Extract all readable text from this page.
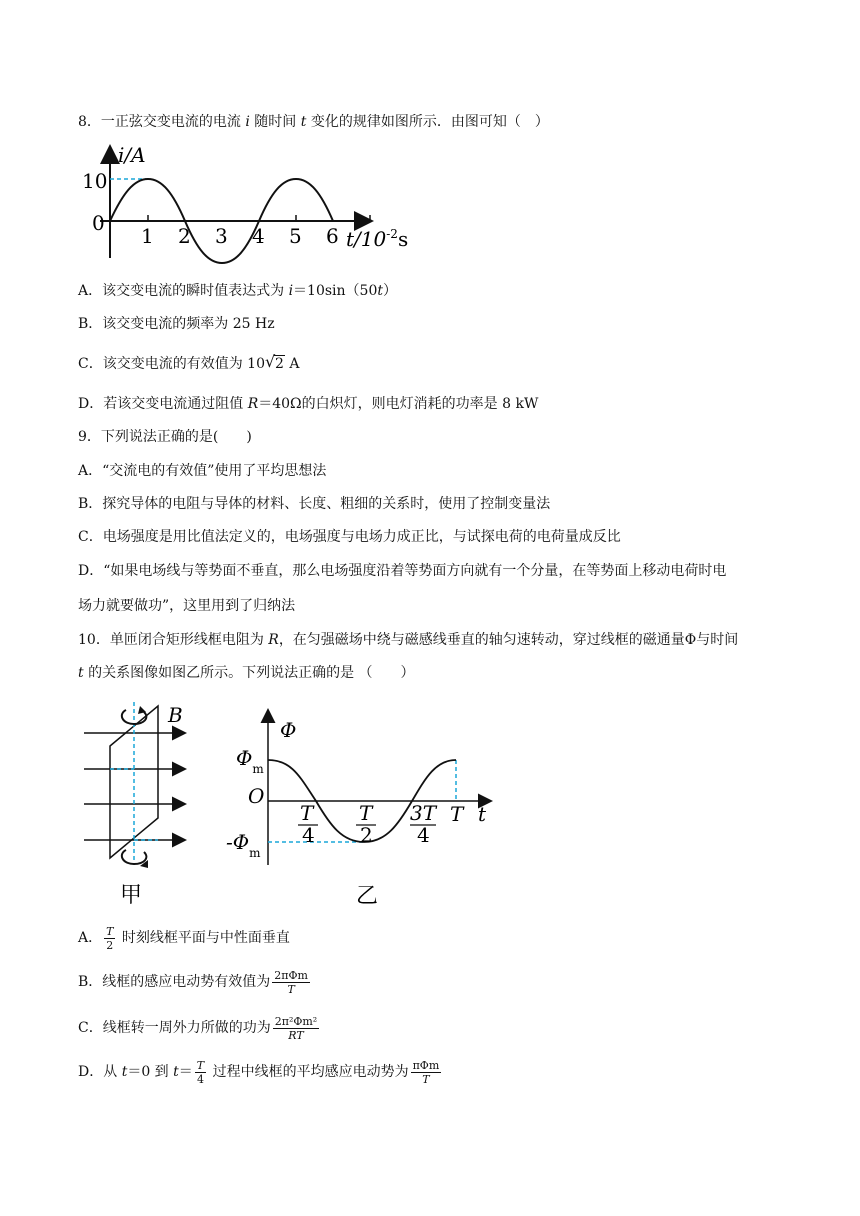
8．一正弦交变电流的电流 i 随时间 t 变化的规律如图所示．由图可知（　）
i/A
10
0
1 2 3 4 5 6 $t/10^{-2}s$
A．该交变电流的瞬时值表达式为 i＝10sin（50t）
B．该交变电流的频率为 25 Hz
C．该交变电流的有效值为 10 √ 2 A
D．若该交变电流通过阻值 R＝40Ω的白炽灯，则电灯消耗的功率是 8 kW
9．下列说法正确的是(　　)
A．“交流电的有效值”使用了平均思想法
B．探究导体的电阻与导体的材料、长度、粗细的关系时，使用了控制变量法
C．电场强度是用比值法定义的，电场强度与电场力成正比，与试探电荷的电荷量成反比
D．“如果电场线与等势面不垂直，那么电场强度沿着等势面方向就有一个分量，在等势面上移动电荷时电
场力就要做功”，这里用到了归纳法
10．单匝闭合矩形线框电阻为 R，在匀强磁场中绕与磁感线垂直的轴匀速转动，穿过线框的磁通量Φ与时间
t 的关系图像如图乙所示。下列说法正确的是 （　　）
B
甲
Φ
$\Phi_m$
O
$-\Phi_m$
T
4
T
2
3T
4
T t
乙
A． $\frac{T}{2}$ 时刻线框平面与中性面垂直
B．线框的感应电动势有效值为 $\frac{\text{2πΦm}}{T}$
C．线框转一周外力所做的功为 $\frac{\text{2π²Φm²}}{RT}$
D．从 t＝0 到 $t= \frac{T}{4}$ 过程中线框的平均感应电动势为 $\frac{\text{πΦm}}{T}$
